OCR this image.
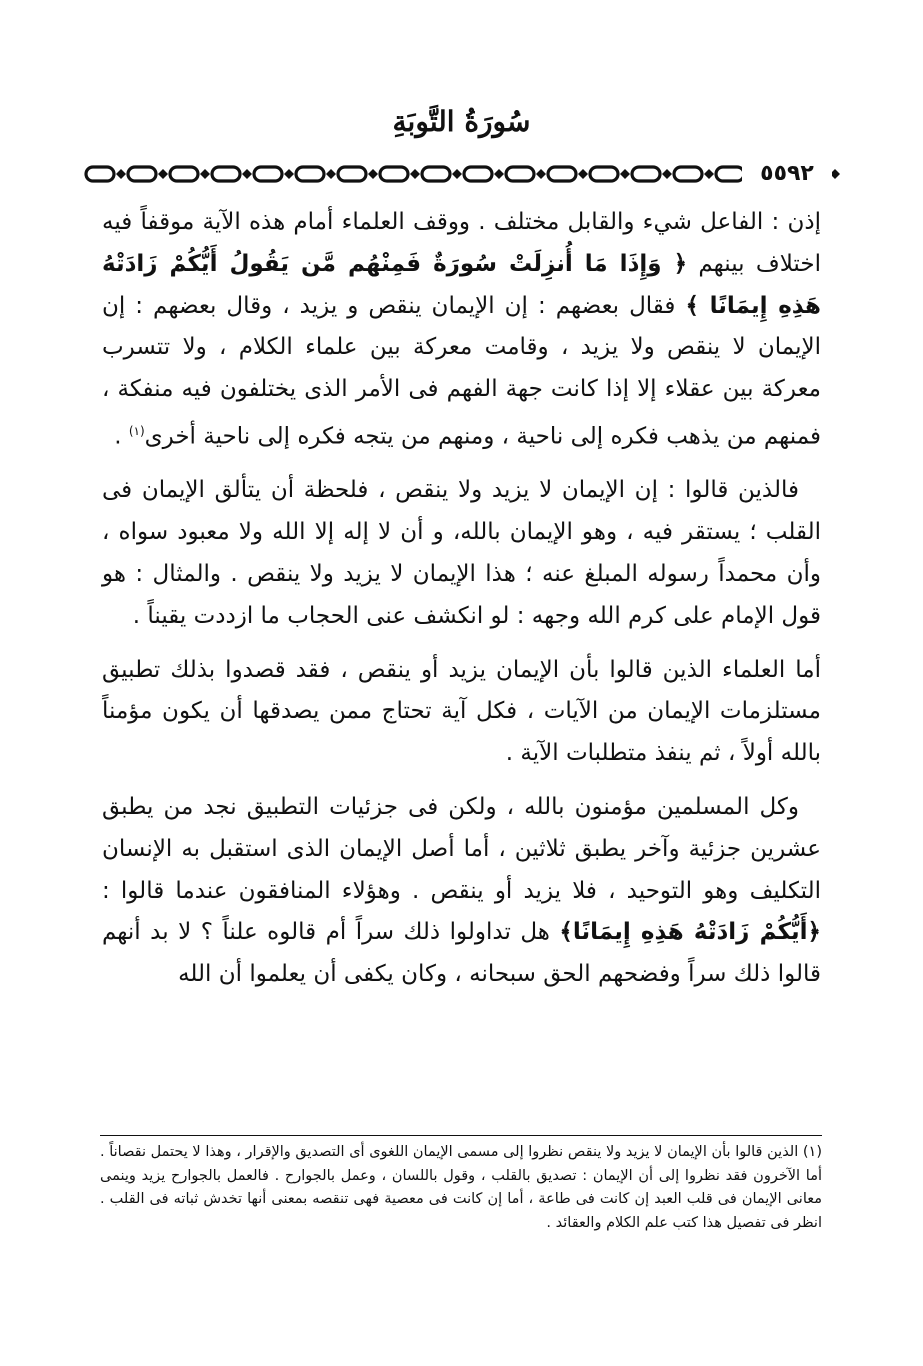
سُورَةُ التَّوبَةِ
٥٥٩٢

إذن : الفاعل شيء والقابل مختلف . ووقف العلماء أمام هذه الآية موقفاً فيه اختلاف بينهم ﴿ وَإِذَا مَا أُنزِلَتْ سُورَةٌ فَمِنْهُم مَّن يَقُولُ أَيُّكُمْ زَادَتْهُ هَذِهِ إِيمَانًا ﴾ فقال بعضهم : إن الإيمان ينقص و يزيد ، وقال بعضهم : إن الإيمان لا ينقص ولا يزيد ، وقامت معركة بين علماء الكلام ، ولا تتسرب معركة بين عقلاء إلا إذا كانت جهة الفهم فى الأمر الذى يختلفون فيه منفكة ، فمنهم من يذهب فكره إلى ناحية ، ومنهم من يتجه فكره إلى ناحية أخرى$^{(١)}$ .

فالذين قالوا : إن الإيمان لا يزيد ولا ينقص ، فلحظة أن يتألق الإيمان فى القلب ؛ يستقر فيه ، وهو الإيمان بالله، و أن لا إله إلا الله ولا معبود سواه ، وأن محمداً رسوله المبلغ عنه ؛ هذا الإيمان لا يزيد ولا ينقص . والمثال : هو قول الإمام على كرم الله وجهه : لو انكشف عنى الحجاب ما ازددت يقيناً .

أما العلماء الذين قالوا بأن الإيمان يزيد أو ينقص ، فقد قصدوا بذلك تطبيق مستلزمات الإيمان من الآيات ، فكل آية تحتاج ممن يصدقها أن يكون مؤمناً بالله أولاً ، ثم ينفذ متطلبات الآية .

وكل المسلمين مؤمنون بالله ، ولكن فى جزئيات التطبيق نجد من يطبق عشرين جزئية وآخر يطبق ثلاثين ، أما أصل الإيمان الذى استقبل به الإنسان التكليف وهو التوحيد ، فلا يزيد أو ينقص . وهؤلاء المنافقون عندما قالوا : ﴿أَيُّكُمْ زَادَتْهُ هَذِهِ إِيمَانًا﴾ هل تداولوا ذلك سراً أم قالوه علناً ؟ لا بد أنهم قالوا ذلك سراً وفضحهم الحق سبحانه ، وكان يكفى أن يعلموا أن الله

(١) الذين قالوا بأن الإيمان لا يزيد ولا ينقص نظروا إلى مسمى الإيمان اللغوى أى التصديق والإقرار ، وهذا لا يحتمل نقصاناً . أما الآخرون فقد نظروا إلى أن الإيمان : تصديق بالقلب ، وقول باللسان ، وعمل بالجوارح . فالعمل بالجوارح يزيد وينمى معانى الإيمان فى قلب العبد إن كانت فى طاعة ، أما إن كانت فى معصية فهى تنقصه بمعنى أنها تخدش ثباته فى القلب . انظر فى تفصيل هذا كتب علم الكلام والعقائد .
